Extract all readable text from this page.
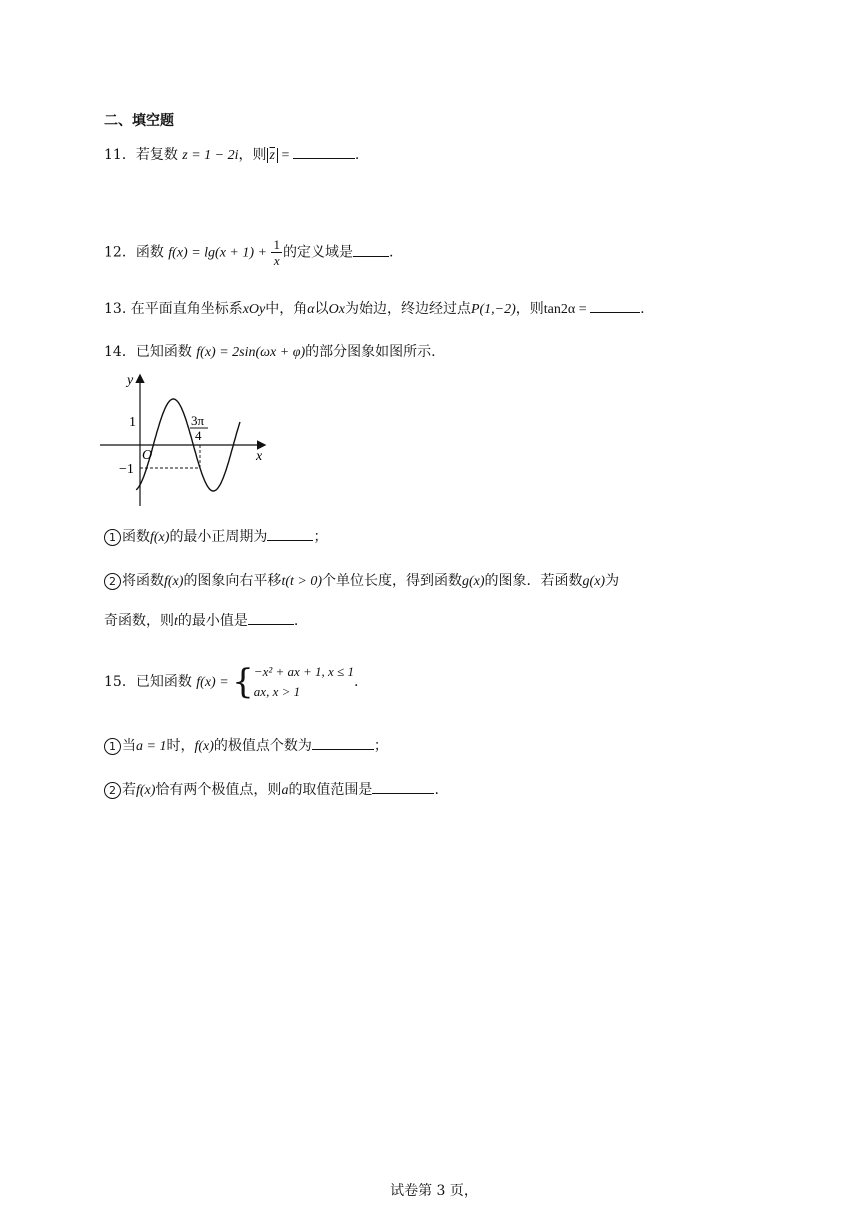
二、填空题
11．若复数 z = 1 − 2i，则 $\overline{z}$ =	.
12．函数 $f(x) = \lg(x + 1) + \frac{1}{x}$ 的定义域是	.
13. 在平面直角坐标系xOy中，角α以Ox为始边，终边经过点P(1,−2)，则tan2α =	.
14．已知函数 f(x) = 2sin(ωx + φ)的部分图象如图所示.
y
x
O
1
−1
3π
4
1 函数f(x)的最小正周期为	；
2 将函数f(x)的图象向右平移t(t > 0)个单位长度，得到函数g(x)的图象．若函数g(x)为
奇函数，则t的最小值是	.
15．已知函数 f(x) = { −x² + ax + 1, x ≤ 1
ax, x > 1
.
1 当a = 1时，f(x)的极值点个数为	；
2 若f(x)恰有两个极值点，则a的取值范围是	.
试卷第 3 页，
